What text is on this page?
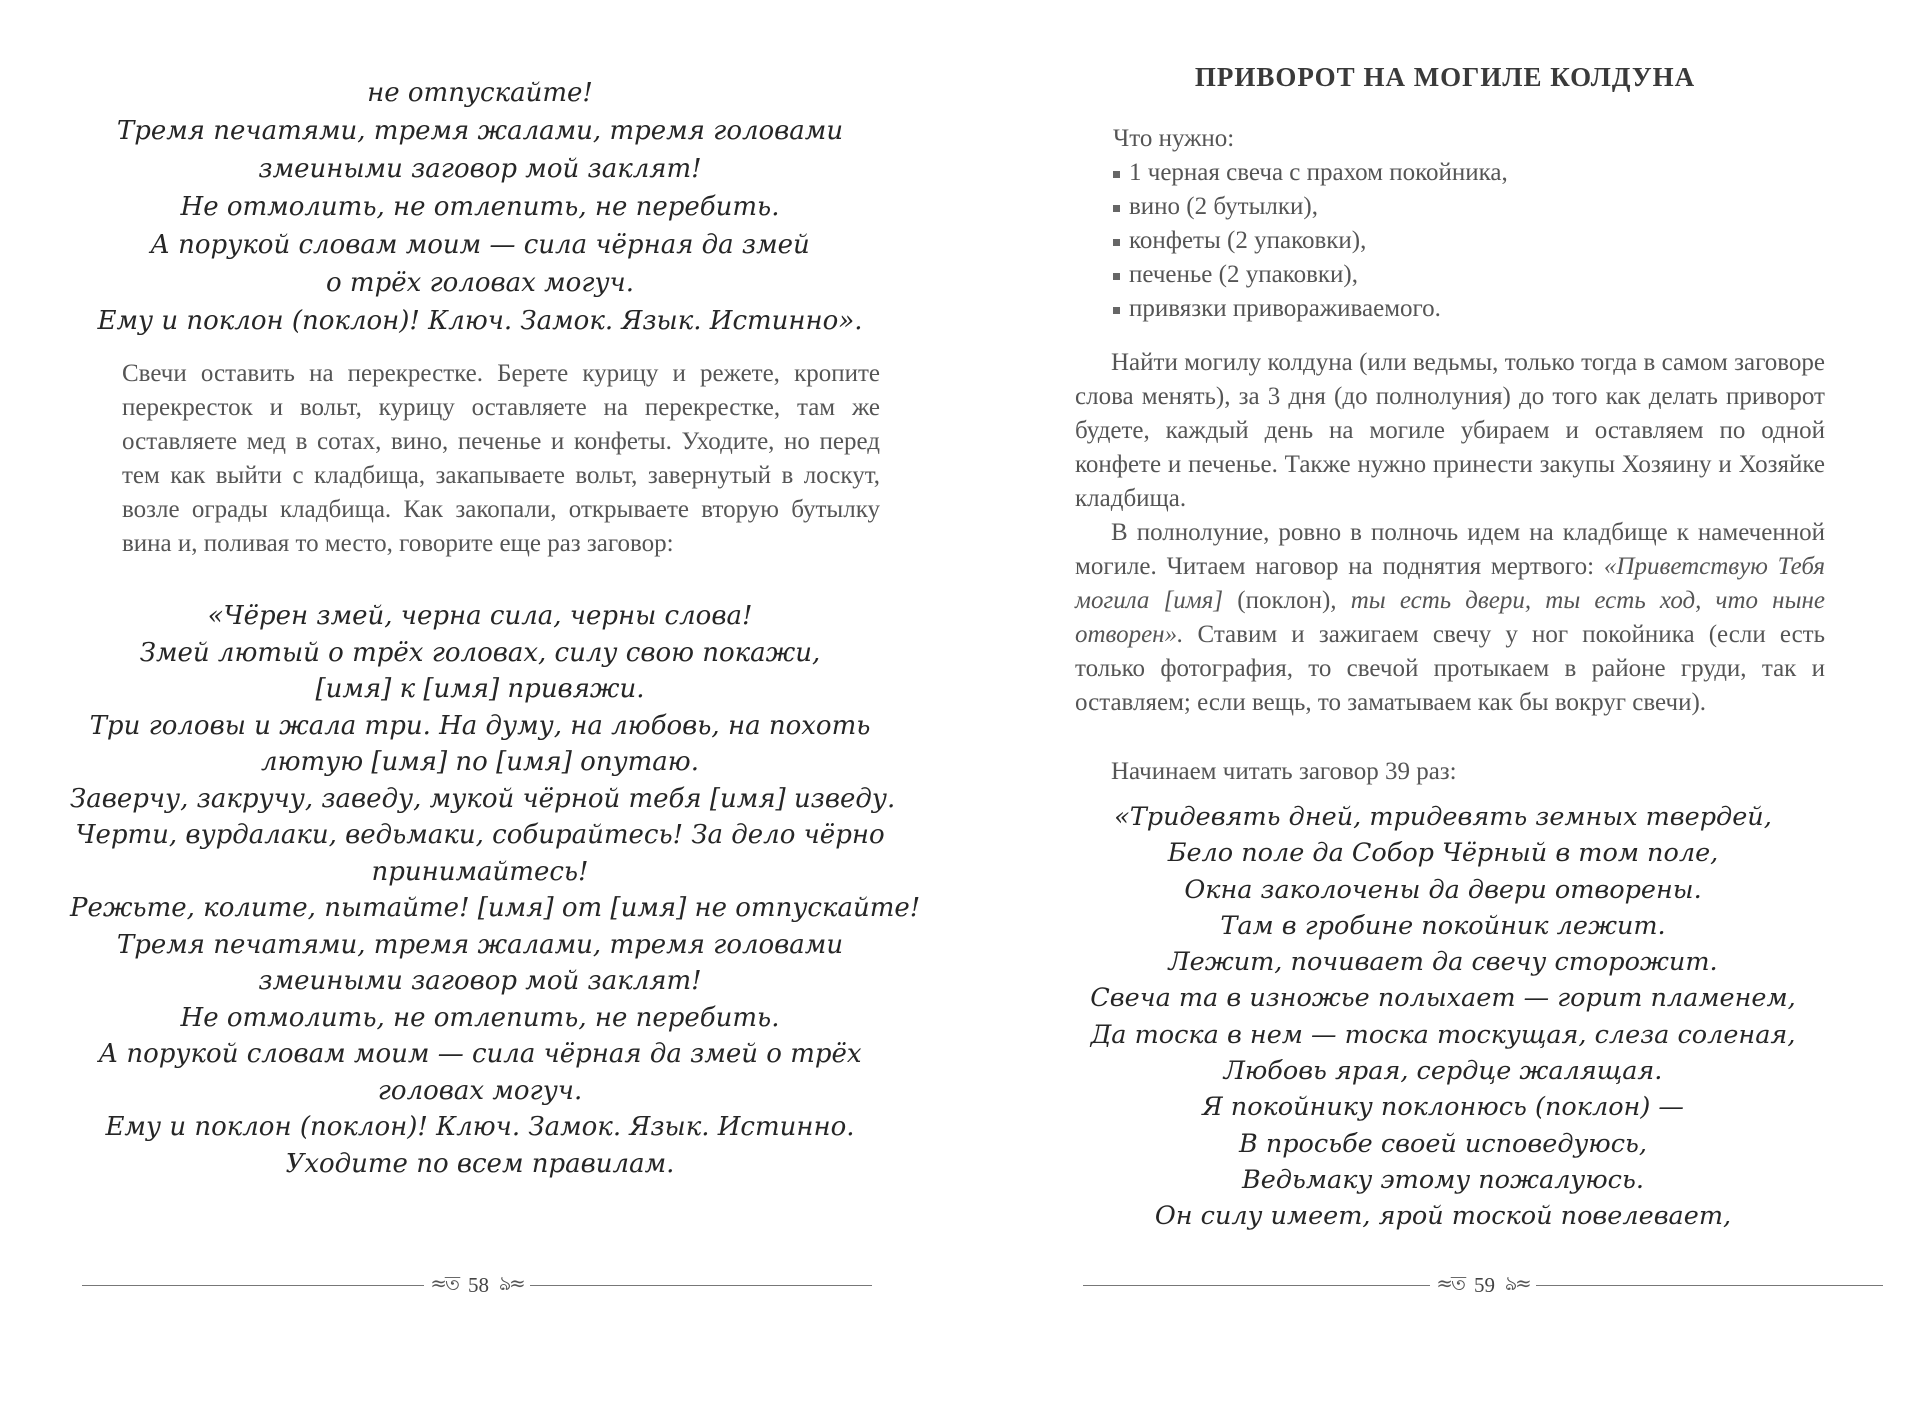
не отпускайте!
Тремя печатями, тремя жалами, тремя головами
змеиными заговор мой заклят!
Не отмолить, не отлепить, не перебить.
А порукой словам моим — сила чёрная да змей
о трёх головах могуч.
Ему и поклон (поклон)! Ключ. Замок. Язык. Истинно».

Свечи оставить на перекрестке. Берете курицу и режете, кропите перекресток и вольт, курицу оставляете на перекрестке, там же оставляете мед в сотах, вино, печенье и конфеты. Уходите, но перед тем как выйти с кладбища, закапываете вольт, завернутый в лоскут, возле ограды кладбища. Как закопали, открываете вторую бутылку вина и, поливая то место, говорите еще раз заговор:

«Чёрен змей, черна сила, черны слова!
Змей лютый о трёх головах, силу свою покажи,
[имя] к [имя] привяжи.
Три головы и жала три. На думу, на любовь, на похоть
лютую [имя] по [имя] опутаю.
Заверчу, закручу, заведу, мукой чёрной тебя [имя] изведу.
Черти, вурдалаки, ведьмаки, собирайтесь! За дело чёрно
принимайтесь!
Режьте, колите, пытайте! [имя] от [имя] не отпускайте!
Тремя печатями, тремя жалами, тремя головами
змеиными заговор мой заклят!
Не отмолить, не отлепить, не перебить.
А порукой словам моим — сила чёрная да змей о трёх
головах могуч.
Ему и поклон (поклон)! Ключ. Замок. Язык. Истинно.
Уходите по всем правилам.
≈ত 58 ঌ≈
ПРИВОРОТ НА МОГИЛЕ КОЛДУНА
Что нужно:
1 черная свеча с прахом покойника,
вино (2 бутылки),
конфеты (2 упаковки),
печенье (2 упаковки),
привязки привораживаемого.

Найти могилу колдуна (или ведьмы, только тогда в самом заговоре слова менять), за 3 дня (до полнолуния) до того как делать приворот будете, каждый день на могиле убираем и оставляем по одной конфете и печенье. Также нужно принести закупы Хозяину и Хозяйке кладбища.

В полнолуние, ровно в полночь идем на кладбище к намеченной могиле. Читаем наговор на поднятия мертвого: «Приветствую Тебя могила [имя] (поклон), ты есть двери, ты есть ход, что ныне отворен». Ставим и зажигаем свечу у ног покойника (если есть только фотография, то свечой протыкаем в районе груди, так и оставляем; если вещь, то заматываем как бы вокруг свечи).

Начинаем читать заговор 39 раз:
«Тридевять дней, тридевять земных твердей,
Бело поле да Собор Чёрный в том поле,
Окна заколочены да двери отворены.
Там в гробине покойник лежит.
Лежит, почивает да свечу сторожит.
Свеча та в изножье полыхает — горит пламенем,
Да тоска в нем — тоска тоскущая, слеза соленая,
Любовь ярая, сердце жалящая.
Я покойнику поклонюсь (поклон) —
В просьбе своей исповедуюсь,
Ведьмаку этому пожалуюсь.
Он силу имеет, ярой тоской повелевает,
≈ত 59 ঌ≈
